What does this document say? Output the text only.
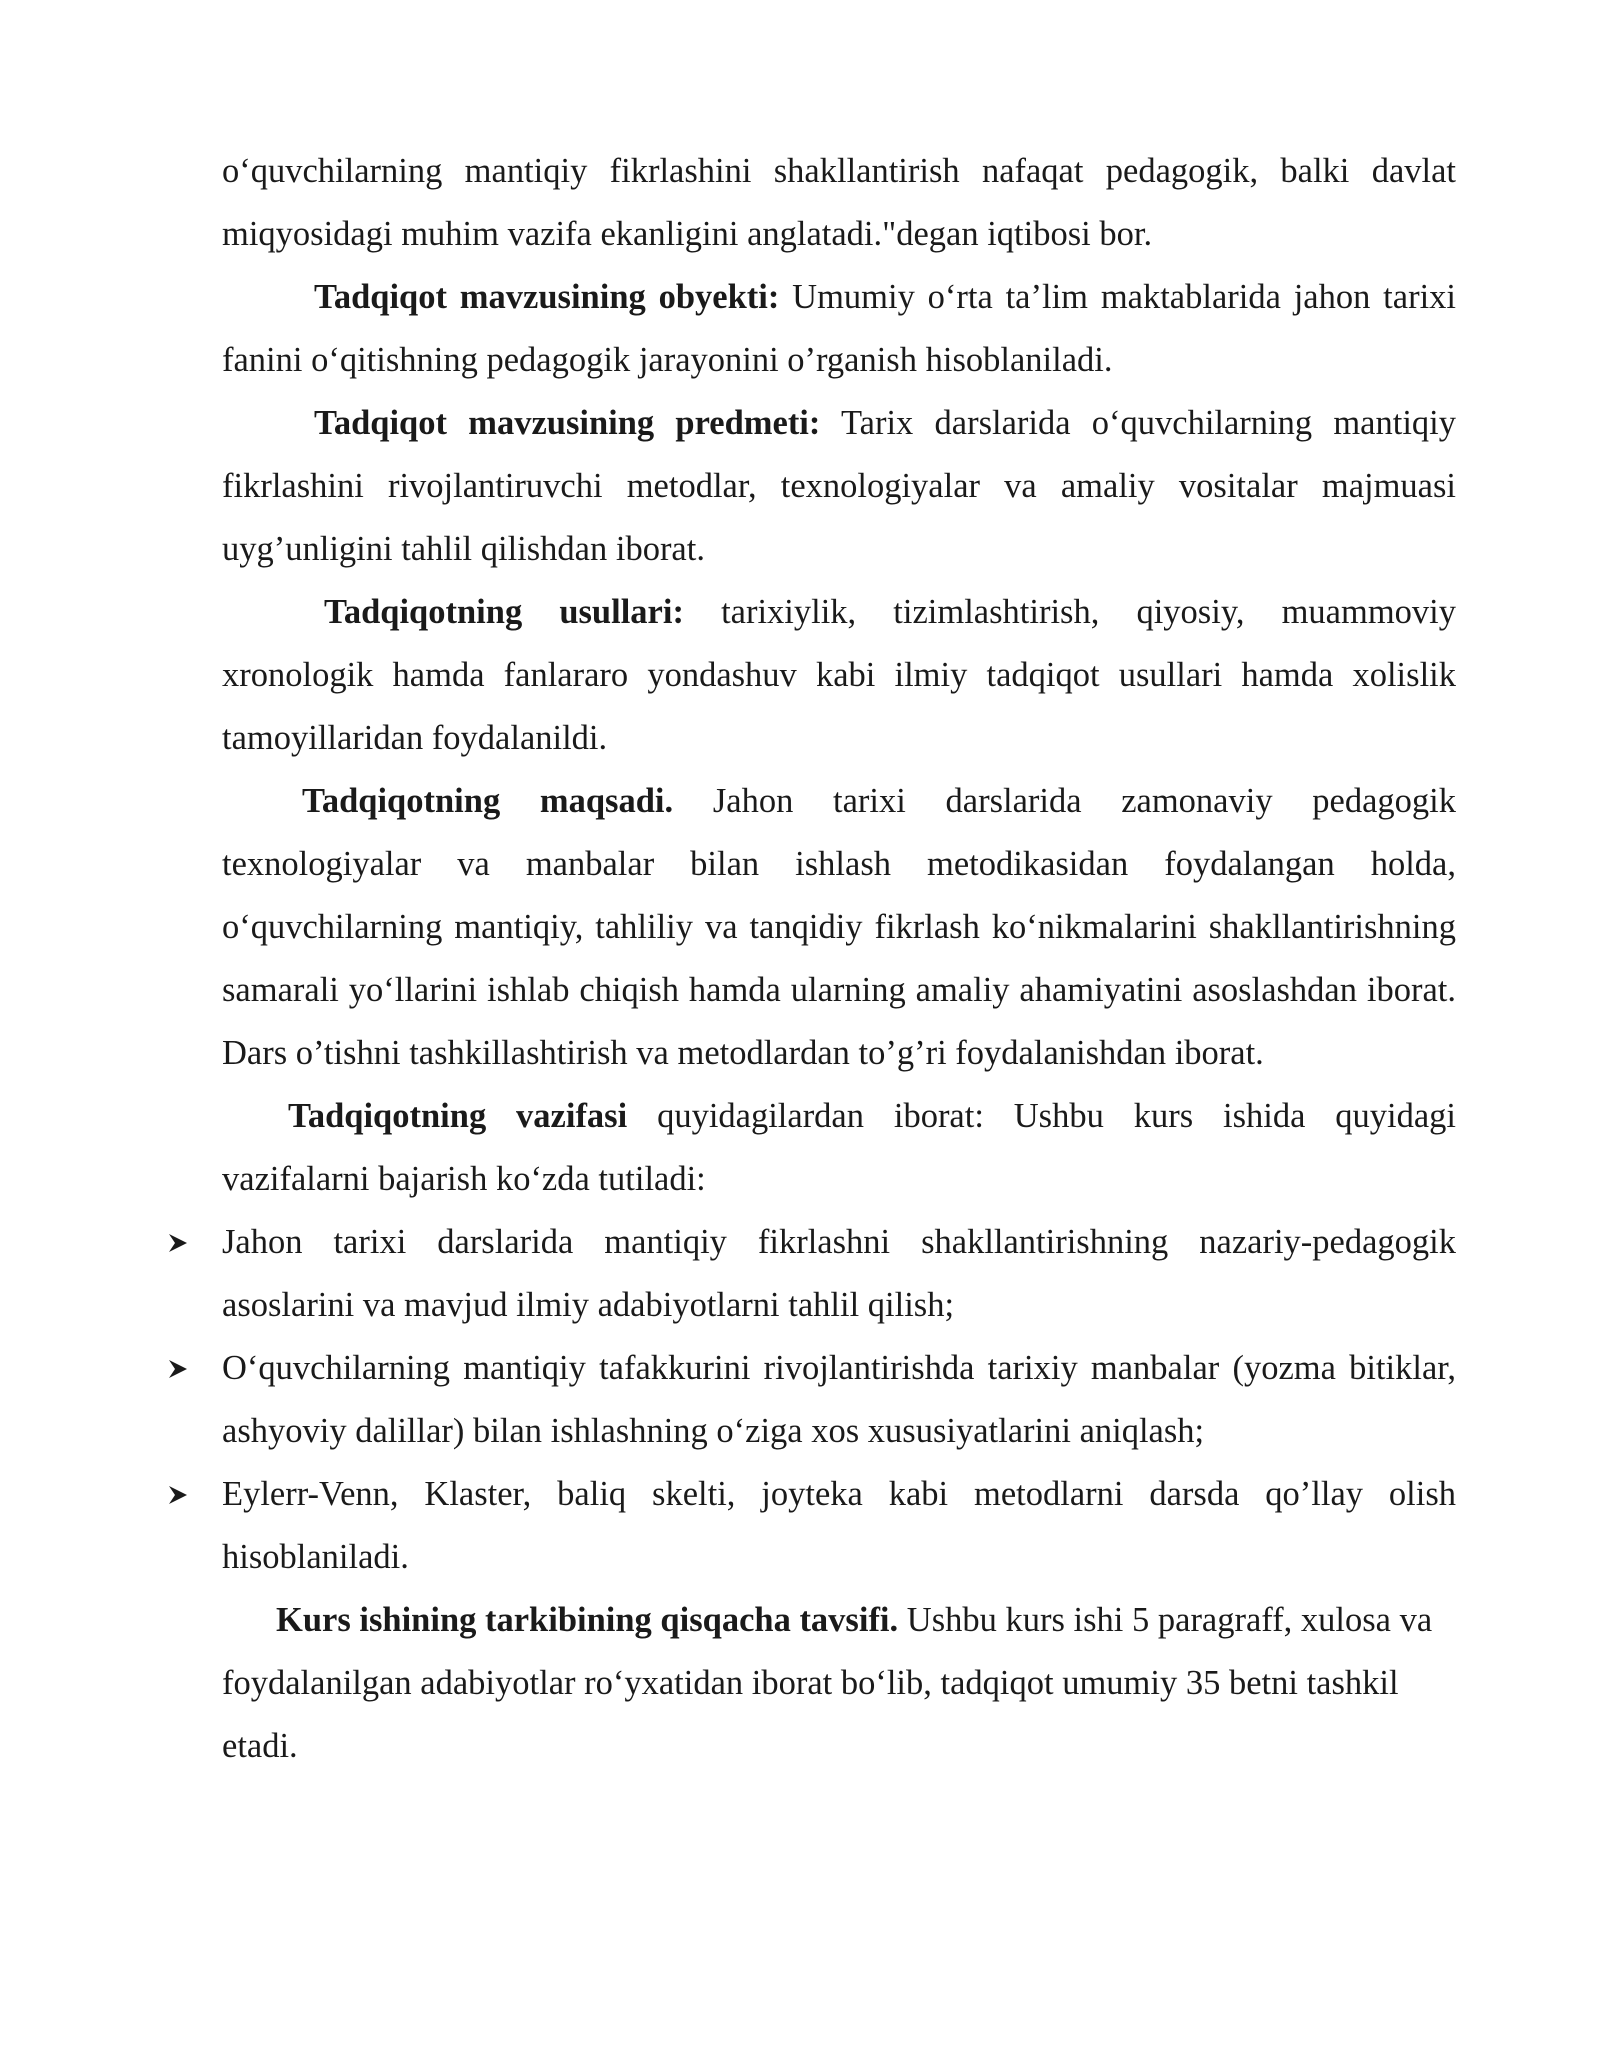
o‘quvchilarning mantiqiy fikrlashini shakllantirish nafaqat pedagogik, balki davlat miqyosidagi muhim vazifa ekanligini anglatadi."degan iqtibosi bor.

Tadqiqot mavzusining obyekti: Umumiy o‘rta ta’lim maktablarida jahon tarixi fanini o‘qitishning pedagogik jarayonini o’rganish hisoblaniladi.

Tadqiqot mavzusining predmeti: Tarix darslarida o‘quvchilarning mantiqiy fikrlashini rivojlantiruvchi metodlar, texnologiyalar va amaliy vositalar majmuasi uyg’unligini tahlil qilishdan iborat.

Tadqiqotning usullari: tarixiylik, tizimlashtirish, qiyosiy, muammoviy xronologik hamda fanlararo yondashuv kabi ilmiy tadqiqot usullari hamda xolislik tamoyillaridan foydalanildi.

Tadqiqotning maqsadi. Jahon tarixi darslarida zamonaviy pedagogik texnologiyalar va manbalar bilan ishlash metodikasidan foydalangan holda, o‘quvchilarning mantiqiy, tahliliy va tanqidiy fikrlash ko‘nikmalarini shakllantirishning samarali yo‘llarini ishlab chiqish hamda ularning amaliy ahamiyatini asoslashdan iborat. Dars o’tishni tashkillashtirish va metodlardan to’g’ri foydalanishdan iborat.

Tadqiqotning vazifasi quyidagilardan iborat: Ushbu kurs ishida quyidagi vazifalarni bajarish ko‘zda tutiladi:

Jahon tarixi darslarida mantiqiy fikrlashni shakllantirishning nazariy-pedagogik asoslarini va mavjud ilmiy adabiyotlarni tahlil qilish;
O‘quvchilarning mantiqiy tafakkurini rivojlantirishda tarixiy manbalar (yozma bitiklar, ashyoviy dalillar) bilan ishlashning o‘ziga xos xususiyatlarini aniqlash;
Eylerr-Venn, Klaster, baliq skelti, joyteka kabi metodlarni darsda qo’llay olish hisoblaniladi.

Kurs ishining tarkibining qisqacha tavsifi. Ushbu kurs ishi 5 paragraff, xulosa va foydalanilgan adabiyotlar ro‘yxatidan iborat bo‘lib, tadqiqot umumiy 35 betni tashkil etadi.
